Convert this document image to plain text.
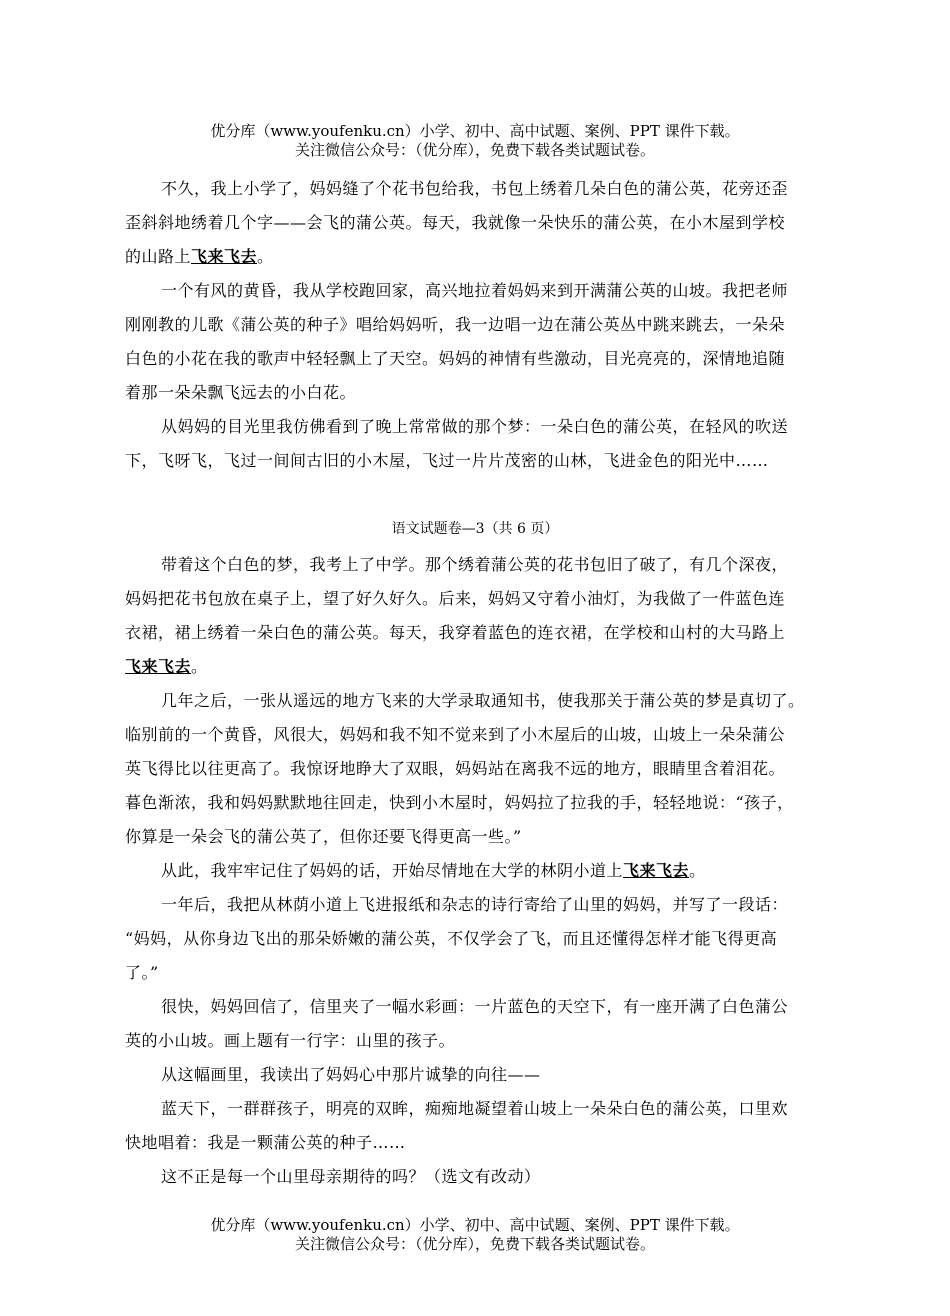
优分库（www.youfenku.cn）小学、初中、高中试题、案例、PPT 课件下载。
关注微信公众号：（优分库），免费下载各类试题试卷。

不久，我上小学了，妈妈缝了个花书包给我，书包上绣着几朵白色的蒲公英，花旁还歪

歪斜斜地绣着几个字——会飞的蒲公英。每天，我就像一朵快乐的蒲公英，在小木屋到学校

的山路上飞来飞去。

一个有风的黄昏，我从学校跑回家，高兴地拉着妈妈来到开满蒲公英的山坡。我把老师

刚刚教的儿歌《蒲公英的种子》唱给妈妈听，我一边唱一边在蒲公英丛中跳来跳去，一朵朵

白色的小花在我的歌声中轻轻飘上了天空。妈妈的神情有些激动，目光亮亮的，深情地追随

着那一朵朵飘飞远去的小白花。

从妈妈的目光里我仿佛看到了晚上常常做的那个梦：一朵白色的蒲公英，在轻风的吹送

下，飞呀飞，飞过一间间古旧的小木屋，飞过一片片茂密的山林，飞进金色的阳光中……

语文试题卷—3（共 6 页）

带着这个白色的梦，我考上了中学。那个绣着蒲公英的花书包旧了破了，有几个深夜，

妈妈把花书包放在桌子上，望了好久好久。后来，妈妈又守着小油灯，为我做了一件蓝色连

衣裙，裙上绣着一朵白色的蒲公英。每天，我穿着蓝色的连衣裙，在学校和山村的大马路上

飞来飞去。

几年之后，一张从遥远的地方飞来的大学录取通知书，使我那关于蒲公英的梦是真切了。

临别前的一个黄昏，风很大，妈妈和我不知不觉来到了小木屋后的山坡，山坡上一朵朵蒲公

英飞得比以往更高了。我惊讶地睁大了双眼，妈妈站在离我不远的地方，眼睛里含着泪花。

暮色渐浓，我和妈妈默默地往回走，快到小木屋时，妈妈拉了拉我的手，轻轻地说：“孩子，

你算是一朵会飞的蒲公英了，但你还要飞得更高一些。”

从此，我牢牢记住了妈妈的话，开始尽情地在大学的林阴小道上飞来飞去。

一年后，我把从林荫小道上飞进报纸和杂志的诗行寄给了山里的妈妈，并写了一段话：

“妈妈，从你身边飞出的那朵娇嫩的蒲公英，不仅学会了飞，而且还懂得怎样才能飞得更高

了。”

很快，妈妈回信了，信里夹了一幅水彩画：一片蓝色的天空下，有一座开满了白色蒲公

英的小山坡。画上题有一行字：山里的孩子。

从这幅画里，我读出了妈妈心中那片诚挚的向往——

蓝天下，一群群孩子，明亮的双眸，痴痴地凝望着山坡上一朵朵白色的蒲公英，口里欢

快地唱着：我是一颗蒲公英的种子……

这不正是每一个山里母亲期待的吗？（选文有改动）

优分库（www.youfenku.cn）小学、初中、高中试题、案例、PPT 课件下载。
关注微信公众号：（优分库），免费下载各类试题试卷。
